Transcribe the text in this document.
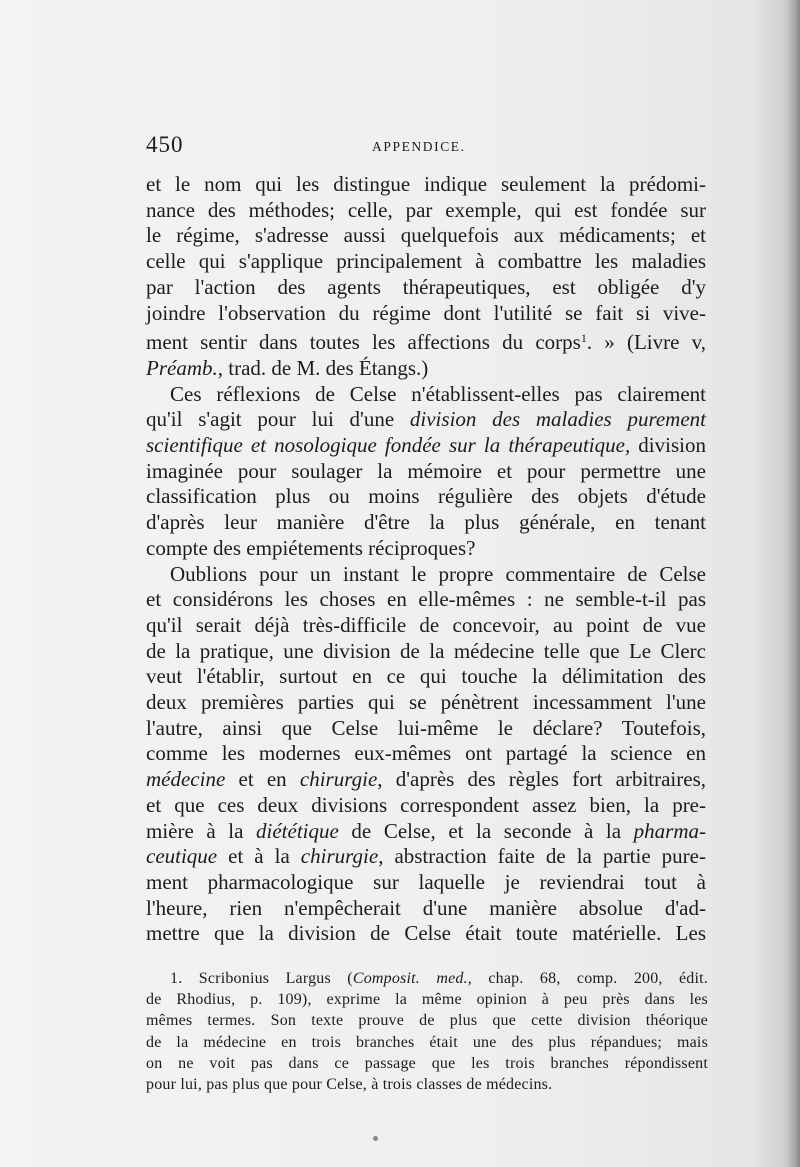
450	APPENDICE.

et le nom qui les distingue indique seulement la prédomi-
nance des méthodes; celle, par exemple, qui est fondée sur
le régime, s'adresse aussi quelquefois aux médicaments; et
celle qui s'applique principalement à combattre les maladies
par l'action des agents thérapeutiques, est obligée d'y
joindre l'observation du régime dont l'utilité se fait si vive-
ment sentir dans toutes les affections du corps$^1$. » (Livre v,
Préamb., trad. de M. des Étangs.)

Ces réflexions de Celse n'établissent-elles pas clairement
qu'il s'agit pour lui d'une division des maladies purement
scientifique et nosologique fondée sur la thérapeutique, division
imaginée pour soulager la mémoire et pour permettre une
classification plus ou moins régulière des objets d'étude
d'après leur manière d'être la plus générale, en tenant
compte des empiétements réciproques?

Oublions pour un instant le propre commentaire de Celse
et considérons les choses en elle-mêmes : ne semble-t-il pas
qu'il serait déjà très-difficile de concevoir, au point de vue
de la pratique, une division de la médecine telle que Le Clerc
veut l'établir, surtout en ce qui touche la délimitation des
deux premières parties qui se pénètrent incessamment l'une
l'autre, ainsi que Celse lui-même le déclare? Toutefois,
comme les modernes eux-mêmes ont partagé la science en
médecine et en chirurgie, d'après des règles fort arbitraires,
et que ces deux divisions correspondent assez bien, la pre-
mière à la diététique de Celse, et la seconde à la pharma-
ceutique et à la chirurgie, abstraction faite de la partie pure-
ment pharmacologique sur laquelle je reviendrai tout à
l'heure, rien n'empêcherait d'une manière absolue d'ad-
mettre que la division de Celse était toute matérielle. Les

1. Scribonius Largus (Composit. med., chap. 68, comp. 200, édit.
de Rhodius, p. 109), exprime la même opinion à peu près dans les
mêmes termes. Son texte prouve de plus que cette division théorique
de la médecine en trois branches était une des plus répandues; mais
on ne voit pas dans ce passage que les trois branches répondissent
pour lui, pas plus que pour Celse, à trois classes de médecins.
